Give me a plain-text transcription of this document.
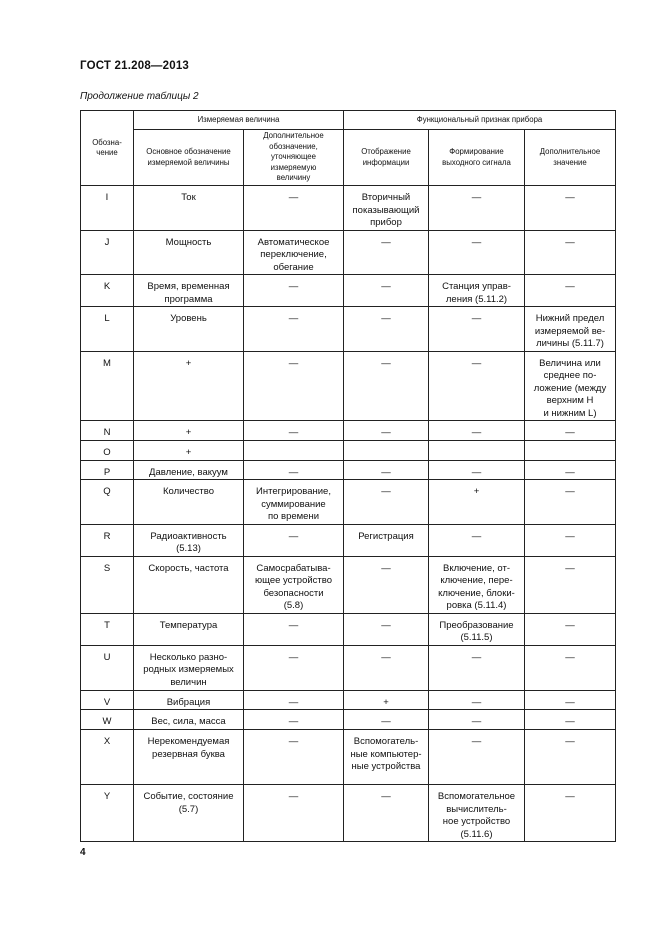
ГОСТ 21.208—2013
Продолжение таблицы 2
Обозна-
чение	Измеряемая величина		Функциональный признак прибора		
	Основное обозначение
измеряемой величины	Дополнительное
обозначение,
уточняющее
измеряемую
величину	Отображение
информации	Формирование
выходного сигнала	Дополнительное
значение
I	Ток	—	Вторичный
показывающий
прибор	—	—
J	Мощность	Автоматическое
переключение,
обегание	—	—	—
K	Время, временная
программа	—	—	Станция управ-
ления (5.11.2)	—
L	Уровень	—	—	—	Нижний предел
измеряемой ве-
личины (5.11.7)
M	+	—	—	—	Величина или
среднее по-
ложение (между
верхним H
и нижним L)
N	+	—	—	—	—
O	+				
P	Давление, вакуум	—	—	—	—
Q	Количество	Интегрирование,
суммирование
по времени	—	+	—
R	Радиоактивность
(5.13)	—	Регистрация	—	—
S	Скорость, частота	Самосрабатыва-
ющее устройство
безопасности
(5.8)	—	Включение, от-
ключение, пере-
ключение, блоки-
ровка (5.11.4)	—
T	Температура	—	—	Преобразование
(5.11.5)	—
U	Несколько разно-
родных измеряемых
величин	—	—	—	—
V	Вибрация	—	+	—	—
W	Вес, сила, масса	—	—	—	—
X	Нерекомендуемая
резервная буква	—	Вспомогатель-
ные компьютер-
ные устройства	—	—
Y	Событие, состояние
(5.7)	—	—	Вспомогательное
вычислитель-
ное устройство
(5.11.6)	—
4
